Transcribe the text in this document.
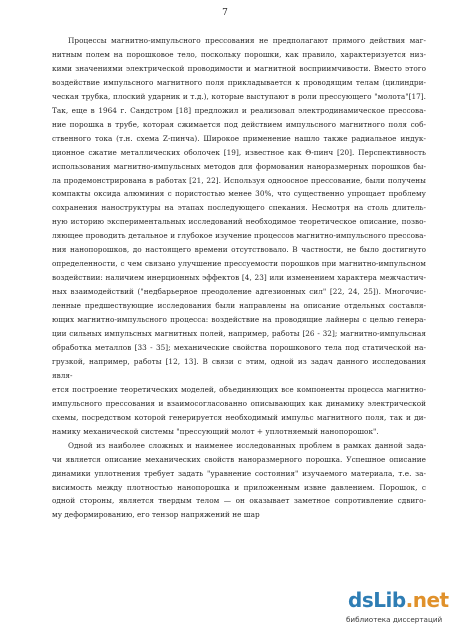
7

Процессы магнитно-импульсного прессования не предполагают прямого действия маг-
нитным полем на порошковое тело, поскольку порошки, как правило, характеризуется низ-
кими значениями электрической проводимости и магнитной восприимчивости. Вместо этого
воздействие импульсного магнитного поля прикладывается к проводящим телам (цилиндри-
ческая трубка, плоский ударник и т.д.), которые выступают в роли прессующего "молота"[17].
Так, еще в 1964 г. Сандстром [18] предложил и реализовал электродинамическое прессова-
ние порошка в трубе, которая сжимается под действием импульсного магнитного поля соб-
ственного тока (т.н. схема Z-пинча). Широкое применение нашло также радиальное индук-
ционное сжатие металлических оболочек [19], известное как Θ-пинч [20]. Перспективность
использования магнитно-импульсных методов для формования наноразмерных порошков бы-
ла продемонстрирована в работах [21, 22]. Используя одноосное прессование, были получены
компакты оксида алюминия с пористостью менее 30%, что существенно упрощает проблему
сохранения наноструктуры на этапах последующего спекания. Несмотря на столь длитель-
ную историю экспериментальных исследований необходимое теоретическое описание, позво-
ляющее проводить детальное и глубокое изучение процессов магнитно-импульсного прессова-
ния нанопорошков, до настоящего времени отсутствовало. В частности, не было достигнуто
определенности, с чем связано улучшение прессуемости порошков при магнитно-импульсном
воздействии: наличием инерционных эффектов [4, 23] или изменением характера межчастич-
ных взаимодействий ("недбарьерное преодоление адгезионных сил" [22, 24, 25]). Многочис-
ленные предшествующие исследования были направлены на описание отдельных составля-
ющих магнитно-импульсного процесса: воздействие на проводящие лайнеры с целью генера-
ции сильных импульсных магнитных полей, например, работы [26 - 32]; магнитно-импульсная
обработка металлов [33 - 35]; механические свойства порошкового тела под статической на-
грузкой, например, работы [12, 13]. В связи с этим, одной из задач данного исследования явля-
ется построение теоретических моделей, объединяющих все компоненты процесса магнитно-
импульсного прессования и взаимосогласованно описывающих как динамику электрической
схемы, посредством которой генерируется необходимый импульс магнитного поля, так и ди-
намику механической системы "прессующий молот + уплотняемый нанопорошок".

Одной из наиболее сложных и наименее исследованных проблем в рамках данной зада-
чи является описание механических свойств наноразмерного порошка. Успешное описание
динамики уплотнения требует задать "уравнение состояния" изучаемого материала, т.е. за-
висимость между плотностью нанопорошка и приложенным извне давлением. Порошок, с
одной стороны, является твердым телом — он оказывает заметное сопротивление сдвиго-
му деформированию, его тензор напряжений не шар

dsLib.net
библиотека диссертаций
